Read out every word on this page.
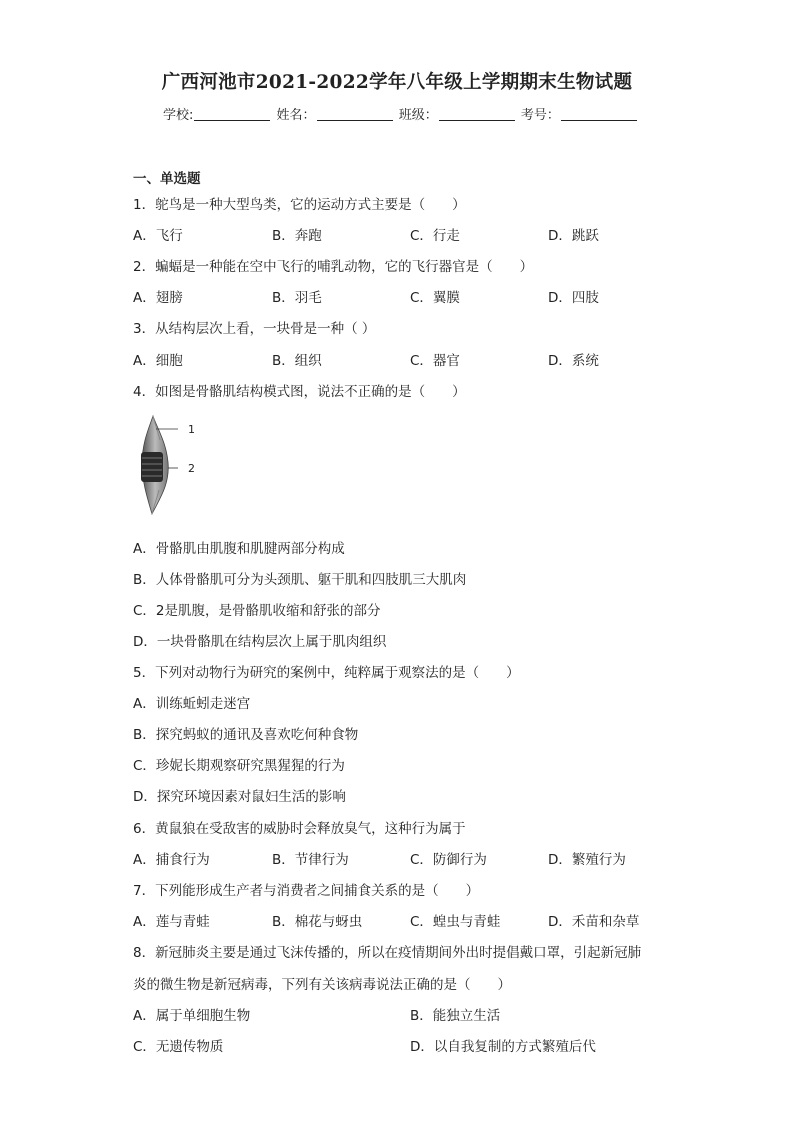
广西河池市2021-2022学年八年级上学期期末生物试题
学校:	姓名：	班级：	考号：
一、单选题
1．鸵鸟是一种大型鸟类，它的运动方式主要是（　　）
A．飞行	B．奔跑	C．行走	D．跳跃
2．蝙蝠是一种能在空中飞行的哺乳动物，它的飞行器官是（　　）
A．翅膀	B．羽毛	C．翼膜	D．四肢
3．从结构层次上看，一块骨是一种（ ）
A．细胞	B．组织	C．器官	D．系统
4．如图是骨骼肌结构模式图，说法不正确的是（　　）
1
2
A．骨骼肌由肌腹和肌腱两部分构成
B．人体骨骼肌可分为头颈肌、躯干肌和四肢肌三大肌肉
C．2是肌腹，是骨骼肌收缩和舒张的部分
D．一块骨骼肌在结构层次上属于肌肉组织
5．下列对动物行为研究的案例中，纯粹属于观察法的是（　　）
A．训练蚯蚓走迷宫
B．探究蚂蚁的通讯及喜欢吃何种食物
C．珍妮长期观察研究黑猩猩的行为
D．探究环境因素对鼠妇生活的影响
6．黄鼠狼在受敌害的威胁时会释放臭气，这种行为属于
A．捕食行为	B．节律行为	C．防御行为	D．繁殖行为
7．下列能形成生产者与消费者之间捕食关系的是（　　）
A．莲与青蛙	B．棉花与蚜虫	C．蝗虫与青蛙	D．禾苗和杂草
8．新冠肺炎主要是通过飞沫传播的，所以在疫情期间外出时提倡戴口罩，引起新冠肺
炎的微生物是新冠病毒，下列有关该病毒说法正确的是（　　）
A．属于单细胞生物	B．能独立生活
C．无遗传物质	D．以自我复制的方式繁殖后代
